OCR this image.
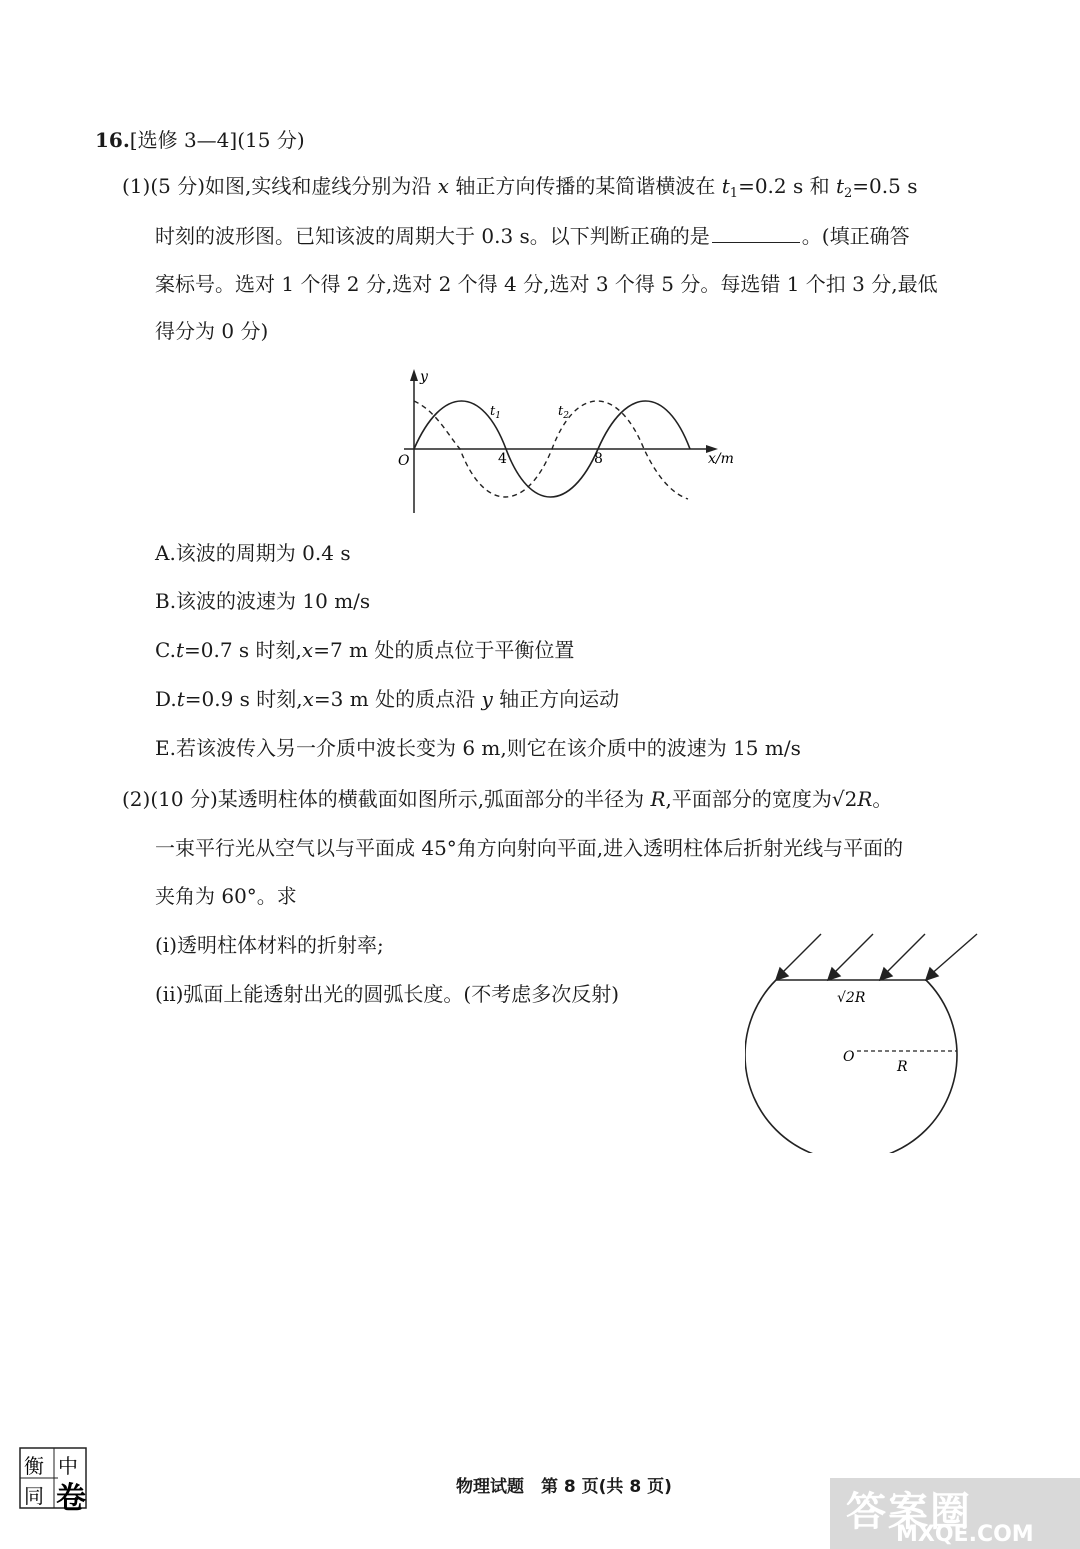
16.[选修 3—4](15 分)
(1)(5 分)如图,实线和虚线分别为沿 x 轴正方向传播的某简谐横波在 $t_1=0.2$ s 和 $t_2=0.5$ s
时刻的波形图。已知该波的周期大于 0.3 s。以下判断正确的是	。(填正确答
案标号。选对 1 个得 2 分,选对 2 个得 4 分,选对 3 个得 5 分。每选错 1 个扣 3 分,最低
得分为 0 分)
y
O	4	8	x/m
$t_1$	$t_2$
A.该波的周期为 0.4 s
B.该波的波速为 10 m/s
C.t=0.7 s 时刻,x=7 m 处的质点位于平衡位置
D.t=0.9 s 时刻,x=3 m 处的质点沿 y 轴正方向运动
E.若该波传入另一介质中波长变为 6 m,则它在该介质中的波速为 15 m/s
(2)(10 分)某透明柱体的横截面如图所示,弧面部分的半径为 R,平面部分的宽度为√2R。
一束平行光从空气以与平面成 45°角方向射向平面,进入透明柱体后折射光线与平面的
夹角为 60°。求
(i)透明柱体材料的折射率;
(ii)弧面上能透射出光的圆弧长度。(不考虑多次反射)	√2R
O
R
衡 中
同 卷	物理试题　第 8 页(共 8 页)
答案圈
MXQE.COM
